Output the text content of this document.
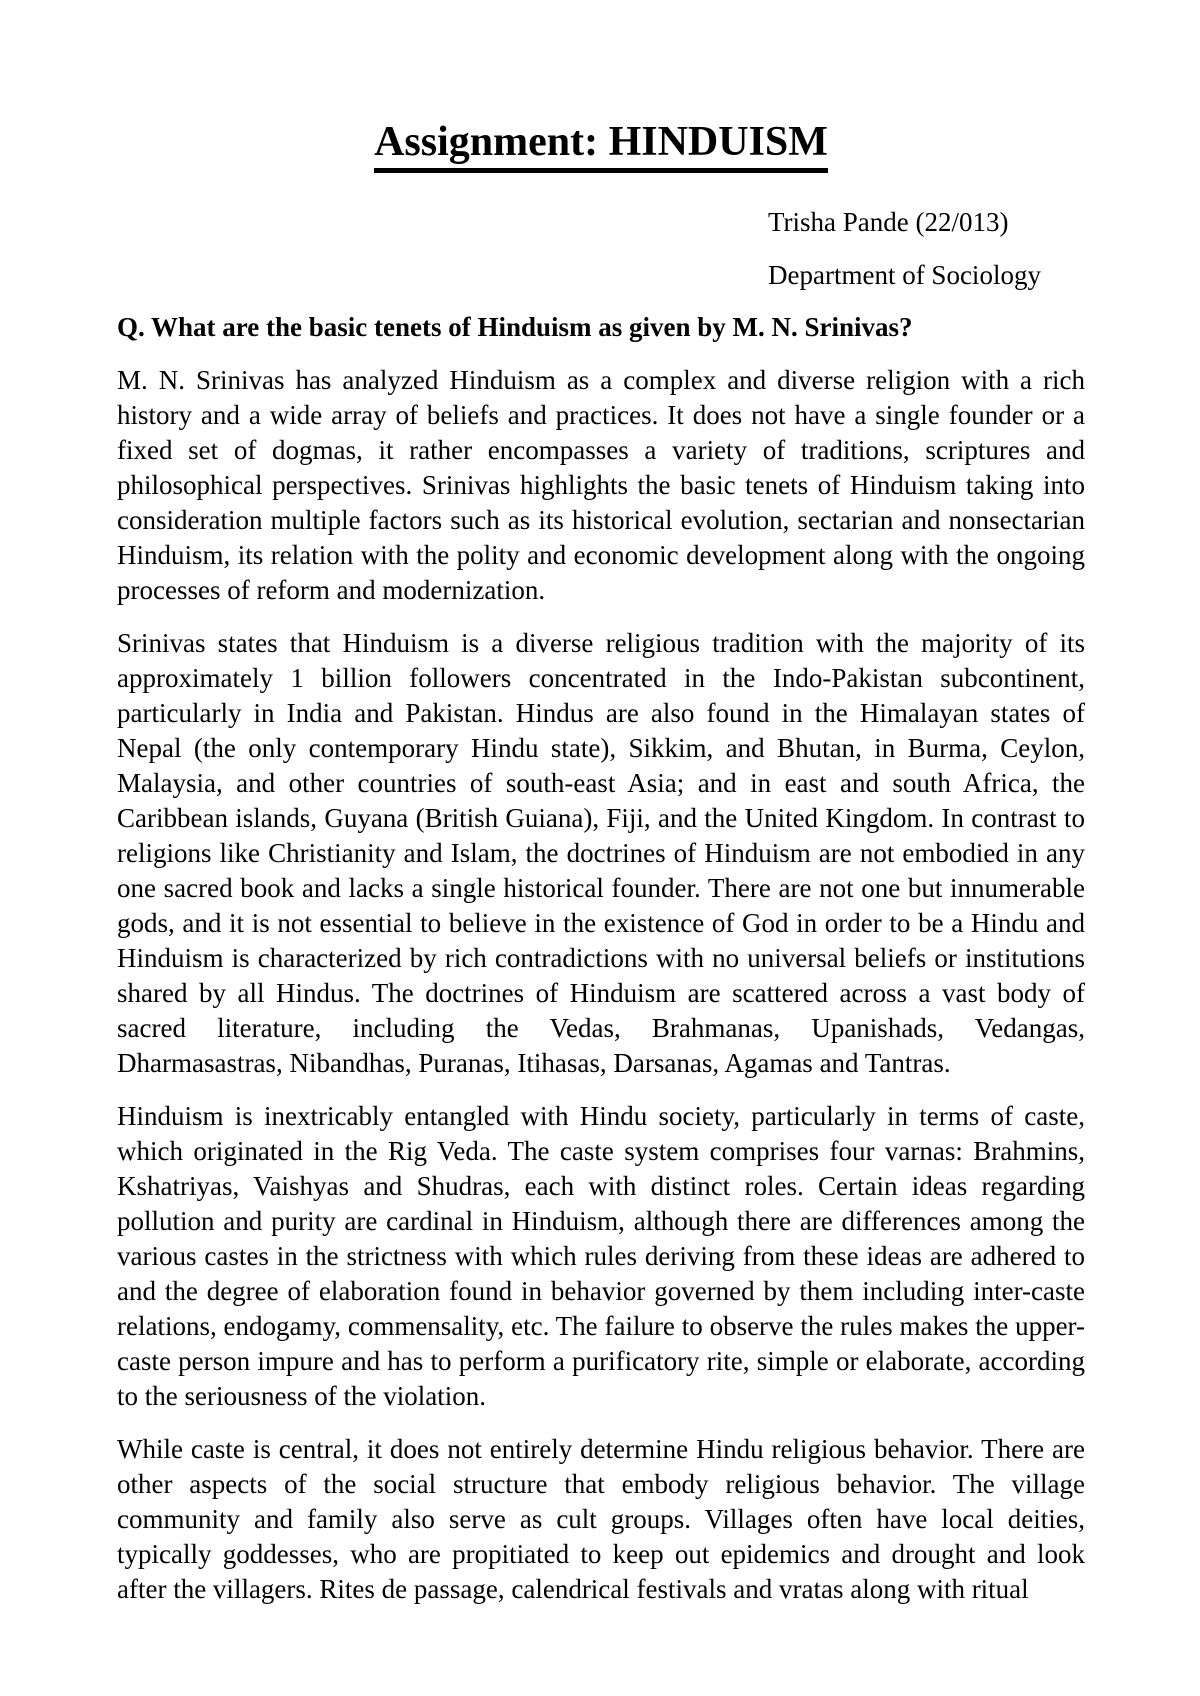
Assignment: HINDUISM

Trisha Pande (22/013)

Department of Sociology

Q. What are the basic tenets of Hinduism as given by M. N. Srinivas?

M. N. Srinivas has analyzed Hinduism as a complex and diverse religion with a rich history and a wide array of beliefs and practices. It does not have a single founder or a fixed set of dogmas, it rather encompasses a variety of traditions, scriptures and philosophical perspectives. Srinivas highlights the basic tenets of Hinduism taking into consideration multiple factors such as its historical evolution, sectarian and nonsectarian Hinduism, its relation with the polity and economic development along with the ongoing processes of reform and modernization.

Srinivas states that Hinduism is a diverse religious tradition with the majority of its approximately 1 billion followers concentrated in the Indo-Pakistan subcontinent, particularly in India and Pakistan. Hindus are also found in the Himalayan states of Nepal (the only contemporary Hindu state), Sikkim, and Bhutan, in Burma, Ceylon, Malaysia, and other countries of south-east Asia; and in east and south Africa, the Caribbean islands, Guyana (British Guiana), Fiji, and the United Kingdom. In contrast to religions like Christianity and Islam, the doctrines of Hinduism are not embodied in any one sacred book and lacks a single historical founder. There are not one but innumerable gods, and it is not essential to believe in the existence of God in order to be a Hindu and Hinduism is characterized by rich contradictions with no universal beliefs or institutions shared by all Hindus. The doctrines of Hinduism are scattered across a vast body of sacred literature, including the Vedas, Brahmanas, Upanishads, Vedangas, Dharmasastras, Nibandhas, Puranas, Itihasas, Darsanas, Agamas and Tantras.

Hinduism is inextricably entangled with Hindu society, particularly in terms of caste, which originated in the Rig Veda. The caste system comprises four varnas: Brahmins, Kshatriyas, Vaishyas and Shudras, each with distinct roles. Certain ideas regarding pollution and purity are cardinal in Hinduism, although there are differences among the various castes in the strictness with which rules deriving from these ideas are adhered to and the degree of elaboration found in behavior governed by them including inter-caste relations, endogamy, commensality, etc. The failure to observe the rules makes the upper-caste person impure and has to perform a purificatory rite, simple or elaborate, according to the seriousness of the violation.

While caste is central, it does not entirely determine Hindu religious behavior. There are other aspects of the social structure that embody religious behavior. The village community and family also serve as cult groups. Villages often have local deities, typically goddesses, who are propitiated to keep out epidemics and drought and look after the villagers. Rites de passage, calendrical festivals and vratas along with ritual
